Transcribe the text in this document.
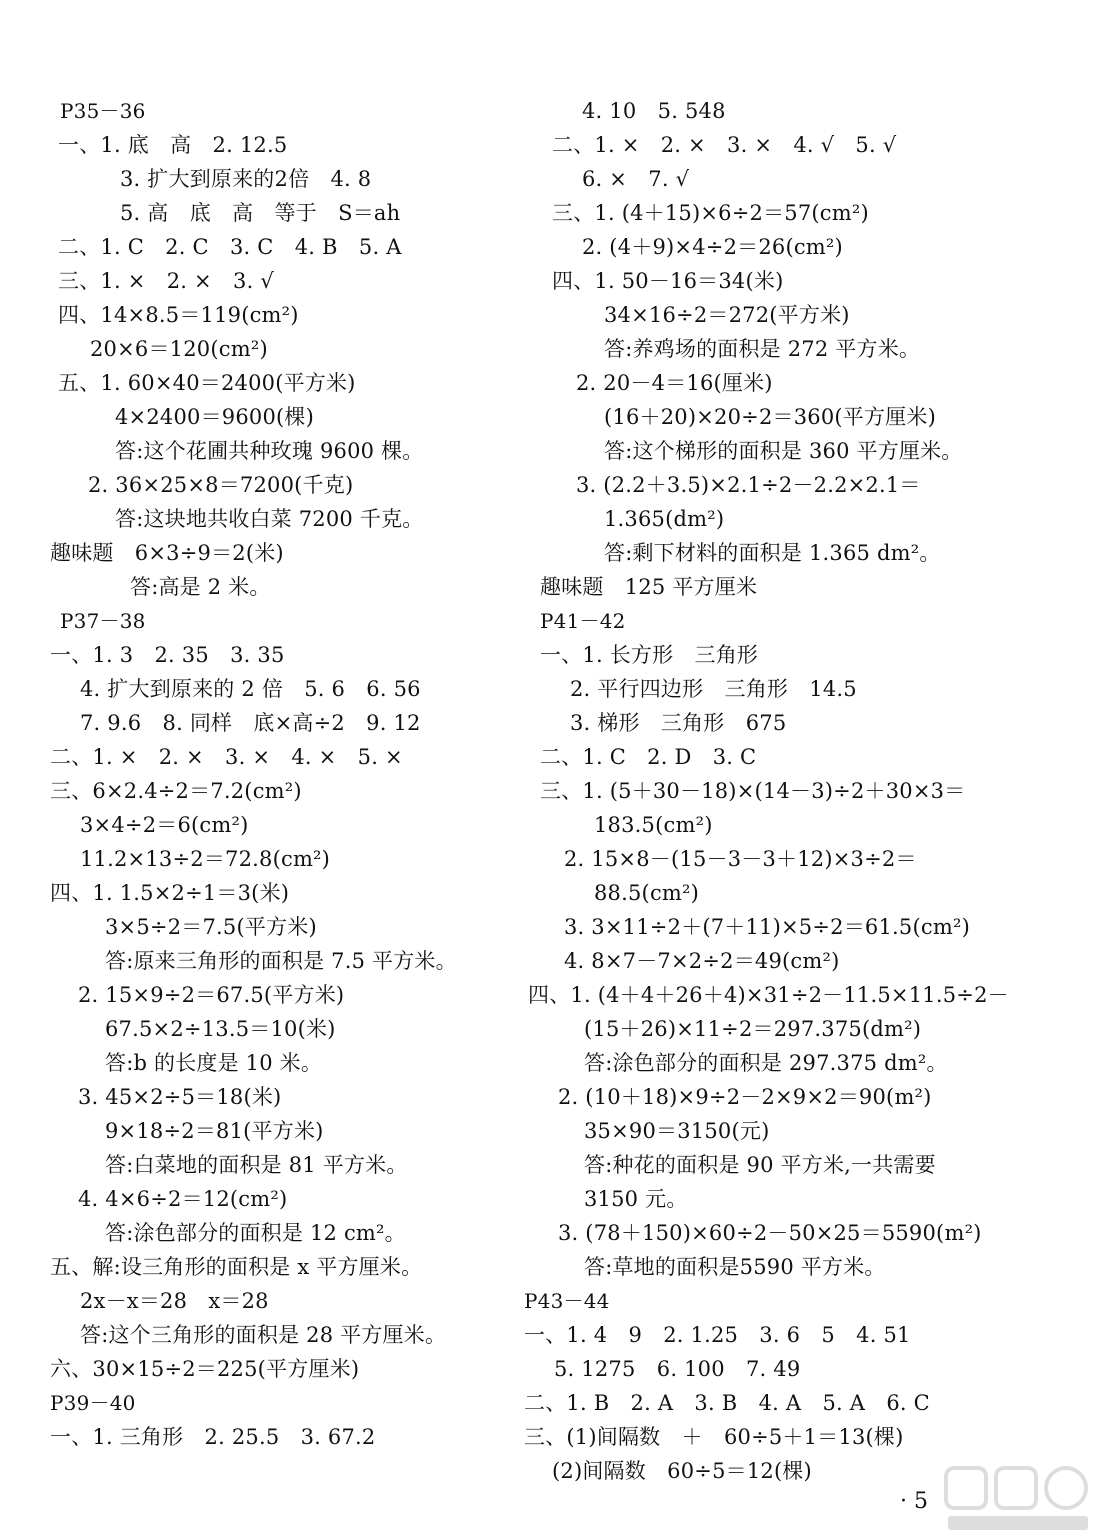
P35－36
一、1. 底　高　2. 12.5
3. 扩大到原来的2倍　4. 8
5. 高　底　高　等于　S＝ah
二、1. C　2. C　3. C　4. B　5. A
三、1. ×　2. ×　3. √
四、14×8.5＝119(cm²)
20×6＝120(cm²)
五、1. 60×40＝2400(平方米)
4×2400＝9600(棵)
答:这个花圃共种玫瑰 9600 棵。
2. 36×25×8＝7200(千克)
答:这块地共收白菜 7200 千克。
趣味题　6×3÷9＝2(米)
答:高是 2 米。
P37－38
一、1. 3　2. 35　3. 35
4. 扩大到原来的 2 倍　5. 6　6. 56
7. 9.6　8. 同样　底×高÷2　9. 12
二、1. ×　2. ×　3. ×　4. ×　5. ×
三、6×2.4÷2＝7.2(cm²)
3×4÷2＝6(cm²)
11.2×13÷2＝72.8(cm²)
四、1. 1.5×2÷1＝3(米)
3×5÷2＝7.5(平方米)
答:原来三角形的面积是 7.5 平方米。
2. 15×9÷2＝67.5(平方米)
67.5×2÷13.5＝10(米)
答:b 的长度是 10 米。
3. 45×2÷5＝18(米)
9×18÷2＝81(平方米)
答:白菜地的面积是 81 平方米。
4. 4×6÷2＝12(cm²)
答:涂色部分的面积是 12 cm²。
五、解:设三角形的面积是 x 平方厘米。
2x－x＝28　x＝28
答:这个三角形的面积是 28 平方厘米。
六、30×15÷2＝225(平方厘米)
P39－40
一、1. 三角形　2. 25.5　3. 67.2
4. 10　5. 548
二、1. ×　2. ×　3. ×　4. √　5. √
6. ×　7. √
三、1. (4＋15)×6÷2＝57(cm²)
2. (4＋9)×4÷2＝26(cm²)
四、1. 50－16＝34(米)
34×16÷2＝272(平方米)
答:养鸡场的面积是 272 平方米。
2. 20－4＝16(厘米)
(16＋20)×20÷2＝360(平方厘米)
答:这个梯形的面积是 360 平方厘米。
3. (2.2＋3.5)×2.1÷2－2.2×2.1＝
1.365(dm²)
答:剩下材料的面积是 1.365 dm²。
趣味题　125 平方厘米
P41－42
一、1. 长方形　三角形
2. 平行四边形　三角形　14.5
3. 梯形　三角形　675
二、1. C　2. D　3. C
三、1. (5＋30－18)×(14－3)÷2＋30×3＝
183.5(cm²)
2. 15×8－(15－3－3＋12)×3÷2＝
88.5(cm²)
3. 3×11÷2＋(7＋11)×5÷2＝61.5(cm²)
4. 8×7－7×2÷2＝49(cm²)
四、1. (4＋4＋26＋4)×31÷2－11.5×11.5÷2－
(15＋26)×11÷2＝297.375(dm²)
答:涂色部分的面积是 297.375 dm²。
2. (10＋18)×9÷2－2×9×2＝90(m²)
35×90＝3150(元)
答:种花的面积是 90 平方米,一共需要
3150 元。
3. (78＋150)×60÷2－50×25＝5590(m²)
答:草地的面积是5590 平方米。
P43－44
一、1. 4　9　2. 1.25　3. 6　5　4. 51
5. 1275　6. 100　7. 49
二、1. B　2. A　3. B　4. A　5. A　6. C
三、(1)间隔数　＋　60÷5＋1＝13(棵)
(2)间隔数　60÷5＝12(棵)
· 5
